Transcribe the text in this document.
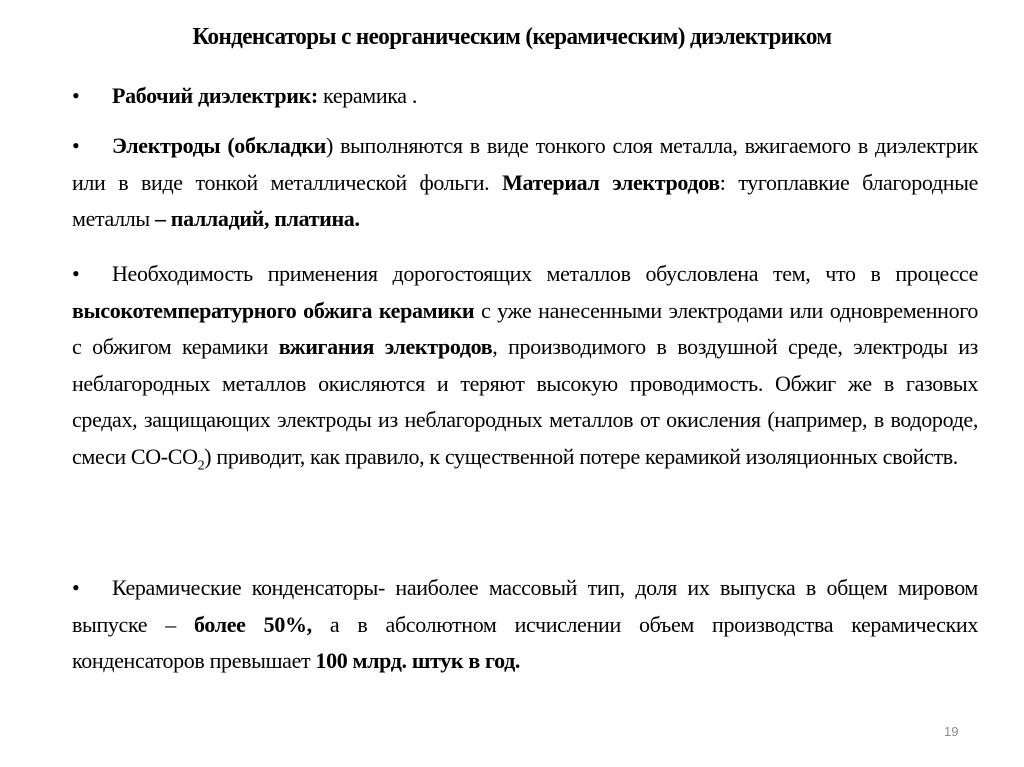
Конденсаторы с неорганическим (керамическим) диэлектриком
• Рабочий диэлектрик: керамика .
• Электроды (обкладки) выполняются в виде тонкого слоя металла, вжигаемого в диэлектрик или в виде тонкой металлической фольги. Материал электродов: тугоплавкие благородные металлы – палладий, платина.
• Необходимость применения дорогостоящих металлов обусловлена тем, что в процессе высокотемпературного обжига керамики с уже нанесенными электродами или одновременного с обжигом керамики вжигания электродов, производимого в воздушной среде, электроды из неблагородных металлов окисляются и теряют высокую проводимость. Обжиг же в газовых средах, защищающих электроды из неблагородных металлов от окисления (например, в водороде, смеси $CO-CO_2$) приводит, как правило, к существенной потере керамикой изоляционных свойств.
• Керамические конденсаторы- наиболее массовый тип, доля их выпуска в общем мировом выпуске – более 50%, а в абсолютном исчислении объем производства керамических конденсаторов превышает 100 млрд. штук в год.
19
